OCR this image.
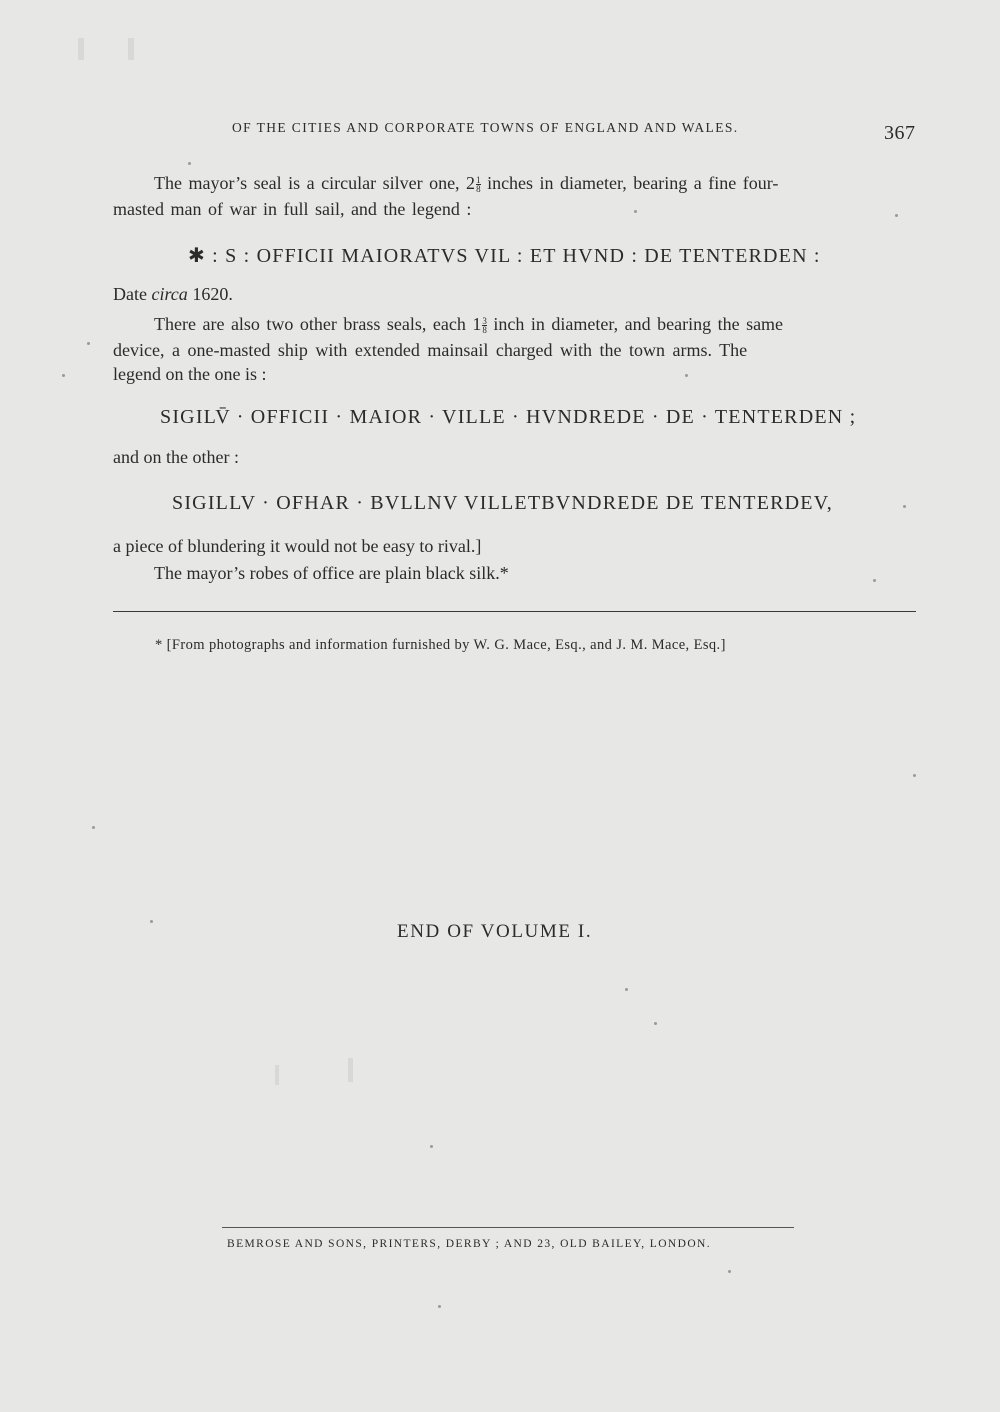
OF THE CITIES AND CORPORATE TOWNS OF ENGLAND AND WALES.	367
The mayor’s seal is a circular silver one, $2 \frac{1}{8}$ inches in diameter, bearing a fine four-
masted man of war in full sail, and the legend :
✱ : S : OFFICII MAIORATVS VIL : ET HVND : DE TENTERDEN :
Date circa 1620.
There are also two other brass seals, each $1 \frac{3}{8}$ inch in diameter, and bearing the same
device, a one-masted ship with extended mainsail charged with the town arms. The
legend on the one is :
SIGILV̄ · OFFICII · MAIOR · VILLE · HVNDREDE · DE · TENTERDEN ;
and on the other :
SIGILLV · OFHAR · BVLLNV VILLETBVNDREDE DE TENTERDEV,
a piece of blundering it would not be easy to rival.]
The mayor’s robes of office are plain black silk.*
* [From photographs and information furnished by W. G. Mace, Esq., and J. M. Mace, Esq.]
END OF VOLUME I.
BEMROSE AND SONS, PRINTERS, DERBY ; AND 23, OLD BAILEY, LONDON.
